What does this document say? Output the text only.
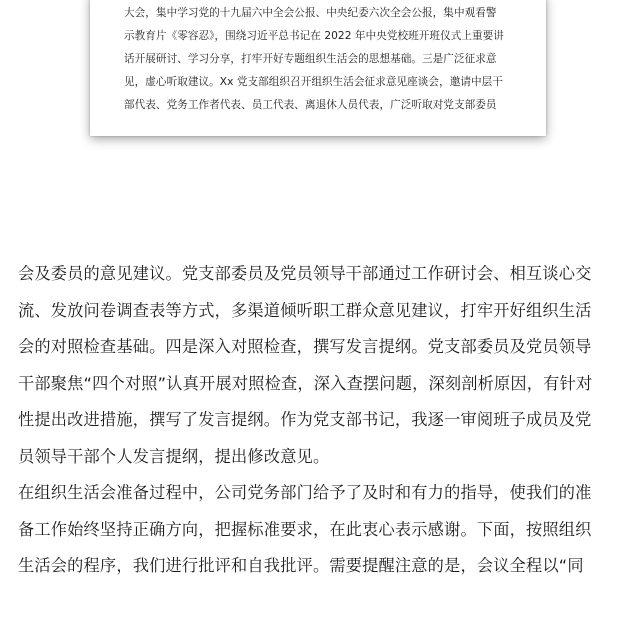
大会，集中学习党的十九届六中全会公报、中央纪委六次全会公报，集中观看警
示教育片《零容忍》，围绕习近平总书记在 2022 年中央党校班开班仪式上重要讲
话开展研讨、学习分享，打牢开好专题组织生活会的思想基础。三是广泛征求意
见，虚心听取建议。Xx 党支部组织召开组织生活会征求意见座谈会，邀请中层干
部代表、党务工作者代表、员工代表、离退休人员代表，广泛听取对党支部委员

会及委员的意见建议。党支部委员及党员领导干部通过工作研讨会、相互谈心交
流、发放问卷调查表等方式，多渠道倾听职工群众意见建议，打牢开好组织生活
会的对照检查基础。四是深入对照检查，撰写发言提纲。党支部委员及党员领导
干部聚焦“四个对照”认真开展对照检查，深入查摆问题，深刻剖析原因，有针对
性提出改进措施，撰写了发言提纲。作为党支部书记，我逐一审阅班子成员及党
员领导干部个人发言提纲，提出修改意见。
在组织生活会准备过程中，公司党务部门给予了及时和有力的指导，使我们的准
备工作始终坚持正确方向，把握标准要求，在此衷心表示感谢。下面，按照组织
生活会的程序，我们进行批评和自我批评。需要提醒注意的是，会议全程以“同
